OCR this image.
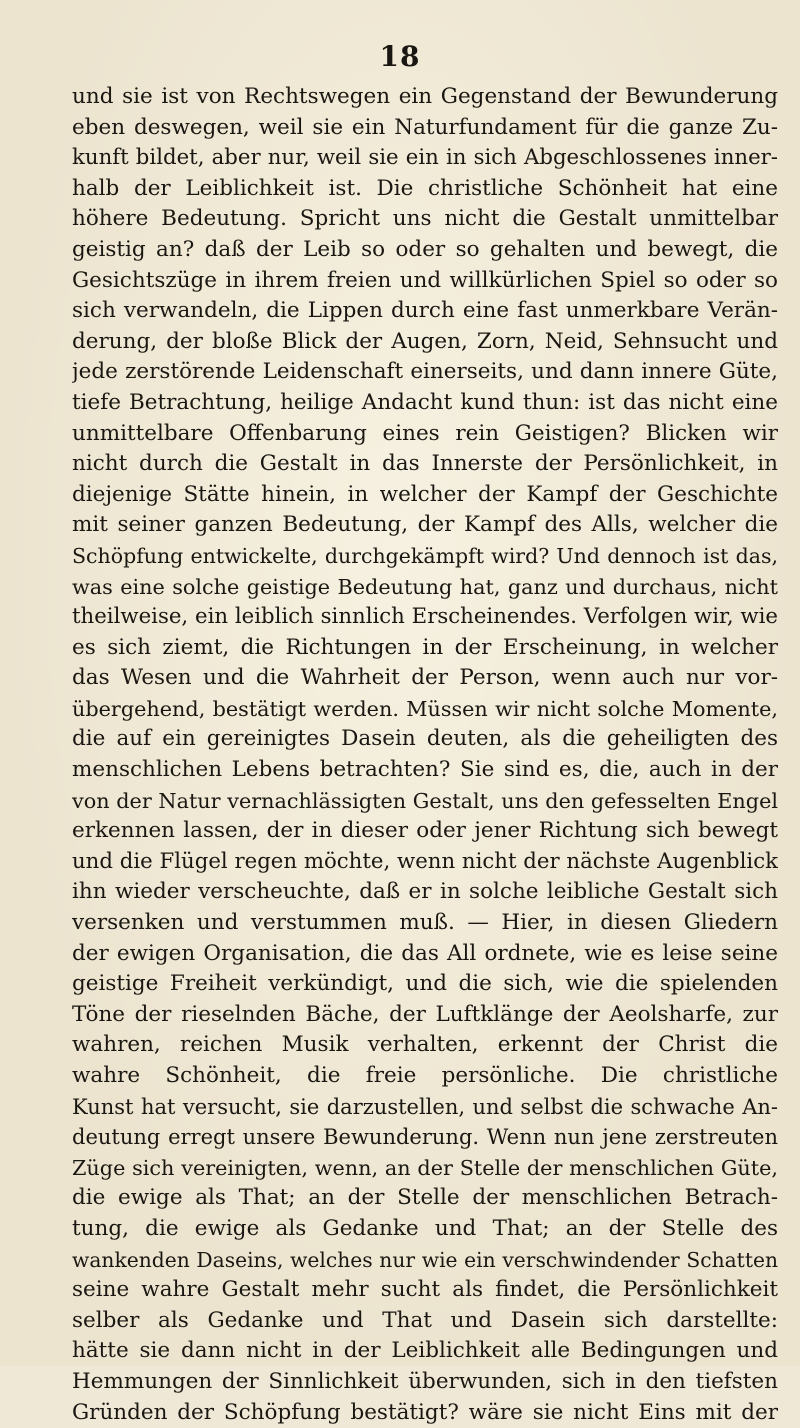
18
und sie ist von Rechtswegen ein Gegenstand der Bewunderung
eben deswegen, weil sie ein Naturfundament für die ganze Zu-
kunft bildet, aber nur, weil sie ein in sich Abgeschlossenes inner-
halb der Leiblichkeit ist. Die christliche Schönheit hat eine
höhere Bedeutung. Spricht uns nicht die Gestalt unmittelbar
geistig an? daß der Leib so oder so gehalten und bewegt, die
Gesichtszüge in ihrem freien und willkürlichen Spiel so oder so
sich verwandeln, die Lippen durch eine fast unmerkbare Verän-
derung, der bloße Blick der Augen, Zorn, Neid, Sehnsucht und
jede zerstörende Leidenschaft einerseits, und dann innere Güte,
tiefe Betrachtung, heilige Andacht kund thun: ist das nicht eine
unmittelbare Offenbarung eines rein Geistigen? Blicken wir
nicht durch die Gestalt in das Innerste der Persönlichkeit, in
diejenige Stätte hinein, in welcher der Kampf der Geschichte
mit seiner ganzen Bedeutung, der Kampf des Alls, welcher die
Schöpfung entwickelte, durchgekämpft wird? Und dennoch ist das,
was eine solche geistige Bedeutung hat, ganz und durchaus, nicht
theilweise, ein leiblich sinnlich Erscheinendes. Verfolgen wir, wie
es sich ziemt, die Richtungen in der Erscheinung, in welcher
das Wesen und die Wahrheit der Person, wenn auch nur vor-
übergehend, bestätigt werden. Müssen wir nicht solche Momente,
die auf ein gereinigtes Dasein deuten, als die geheiligten des
menschlichen Lebens betrachten? Sie sind es, die, auch in der
von der Natur vernachlässigten Gestalt, uns den gefesselten Engel
erkennen lassen, der in dieser oder jener Richtung sich bewegt
und die Flügel regen möchte, wenn nicht der nächste Augenblick
ihn wieder verscheuchte, daß er in solche leibliche Gestalt sich
versenken und verstummen muß. — Hier, in diesen Gliedern
der ewigen Organisation, die das All ordnete, wie es leise seine
geistige Freiheit verkündigt, und die sich, wie die spielenden
Töne der rieselnden Bäche, der Luftklänge der Aeolsharfe, zur
wahren, reichen Musik verhalten, erkennt der Christ die
wahre Schönheit, die freie persönliche. Die christliche
Kunst hat versucht, sie darzustellen, und selbst die schwache An-
deutung erregt unsere Bewunderung. Wenn nun jene zerstreuten
Züge sich vereinigten, wenn, an der Stelle der menschlichen Güte,
die ewige als That; an der Stelle der menschlichen Betrach-
tung, die ewige als Gedanke und That; an der Stelle des
wankenden Daseins, welches nur wie ein verschwindender Schatten
seine wahre Gestalt mehr sucht als findet, die Persönlichkeit
selber als Gedanke und That und Dasein sich darstellte:
hätte sie dann nicht in der Leiblichkeit alle Bedingungen und
Hemmungen der Sinnlichkeit überwunden, sich in den tiefsten
Gründen der Schöpfung bestätigt? wäre sie nicht Eins mit der
